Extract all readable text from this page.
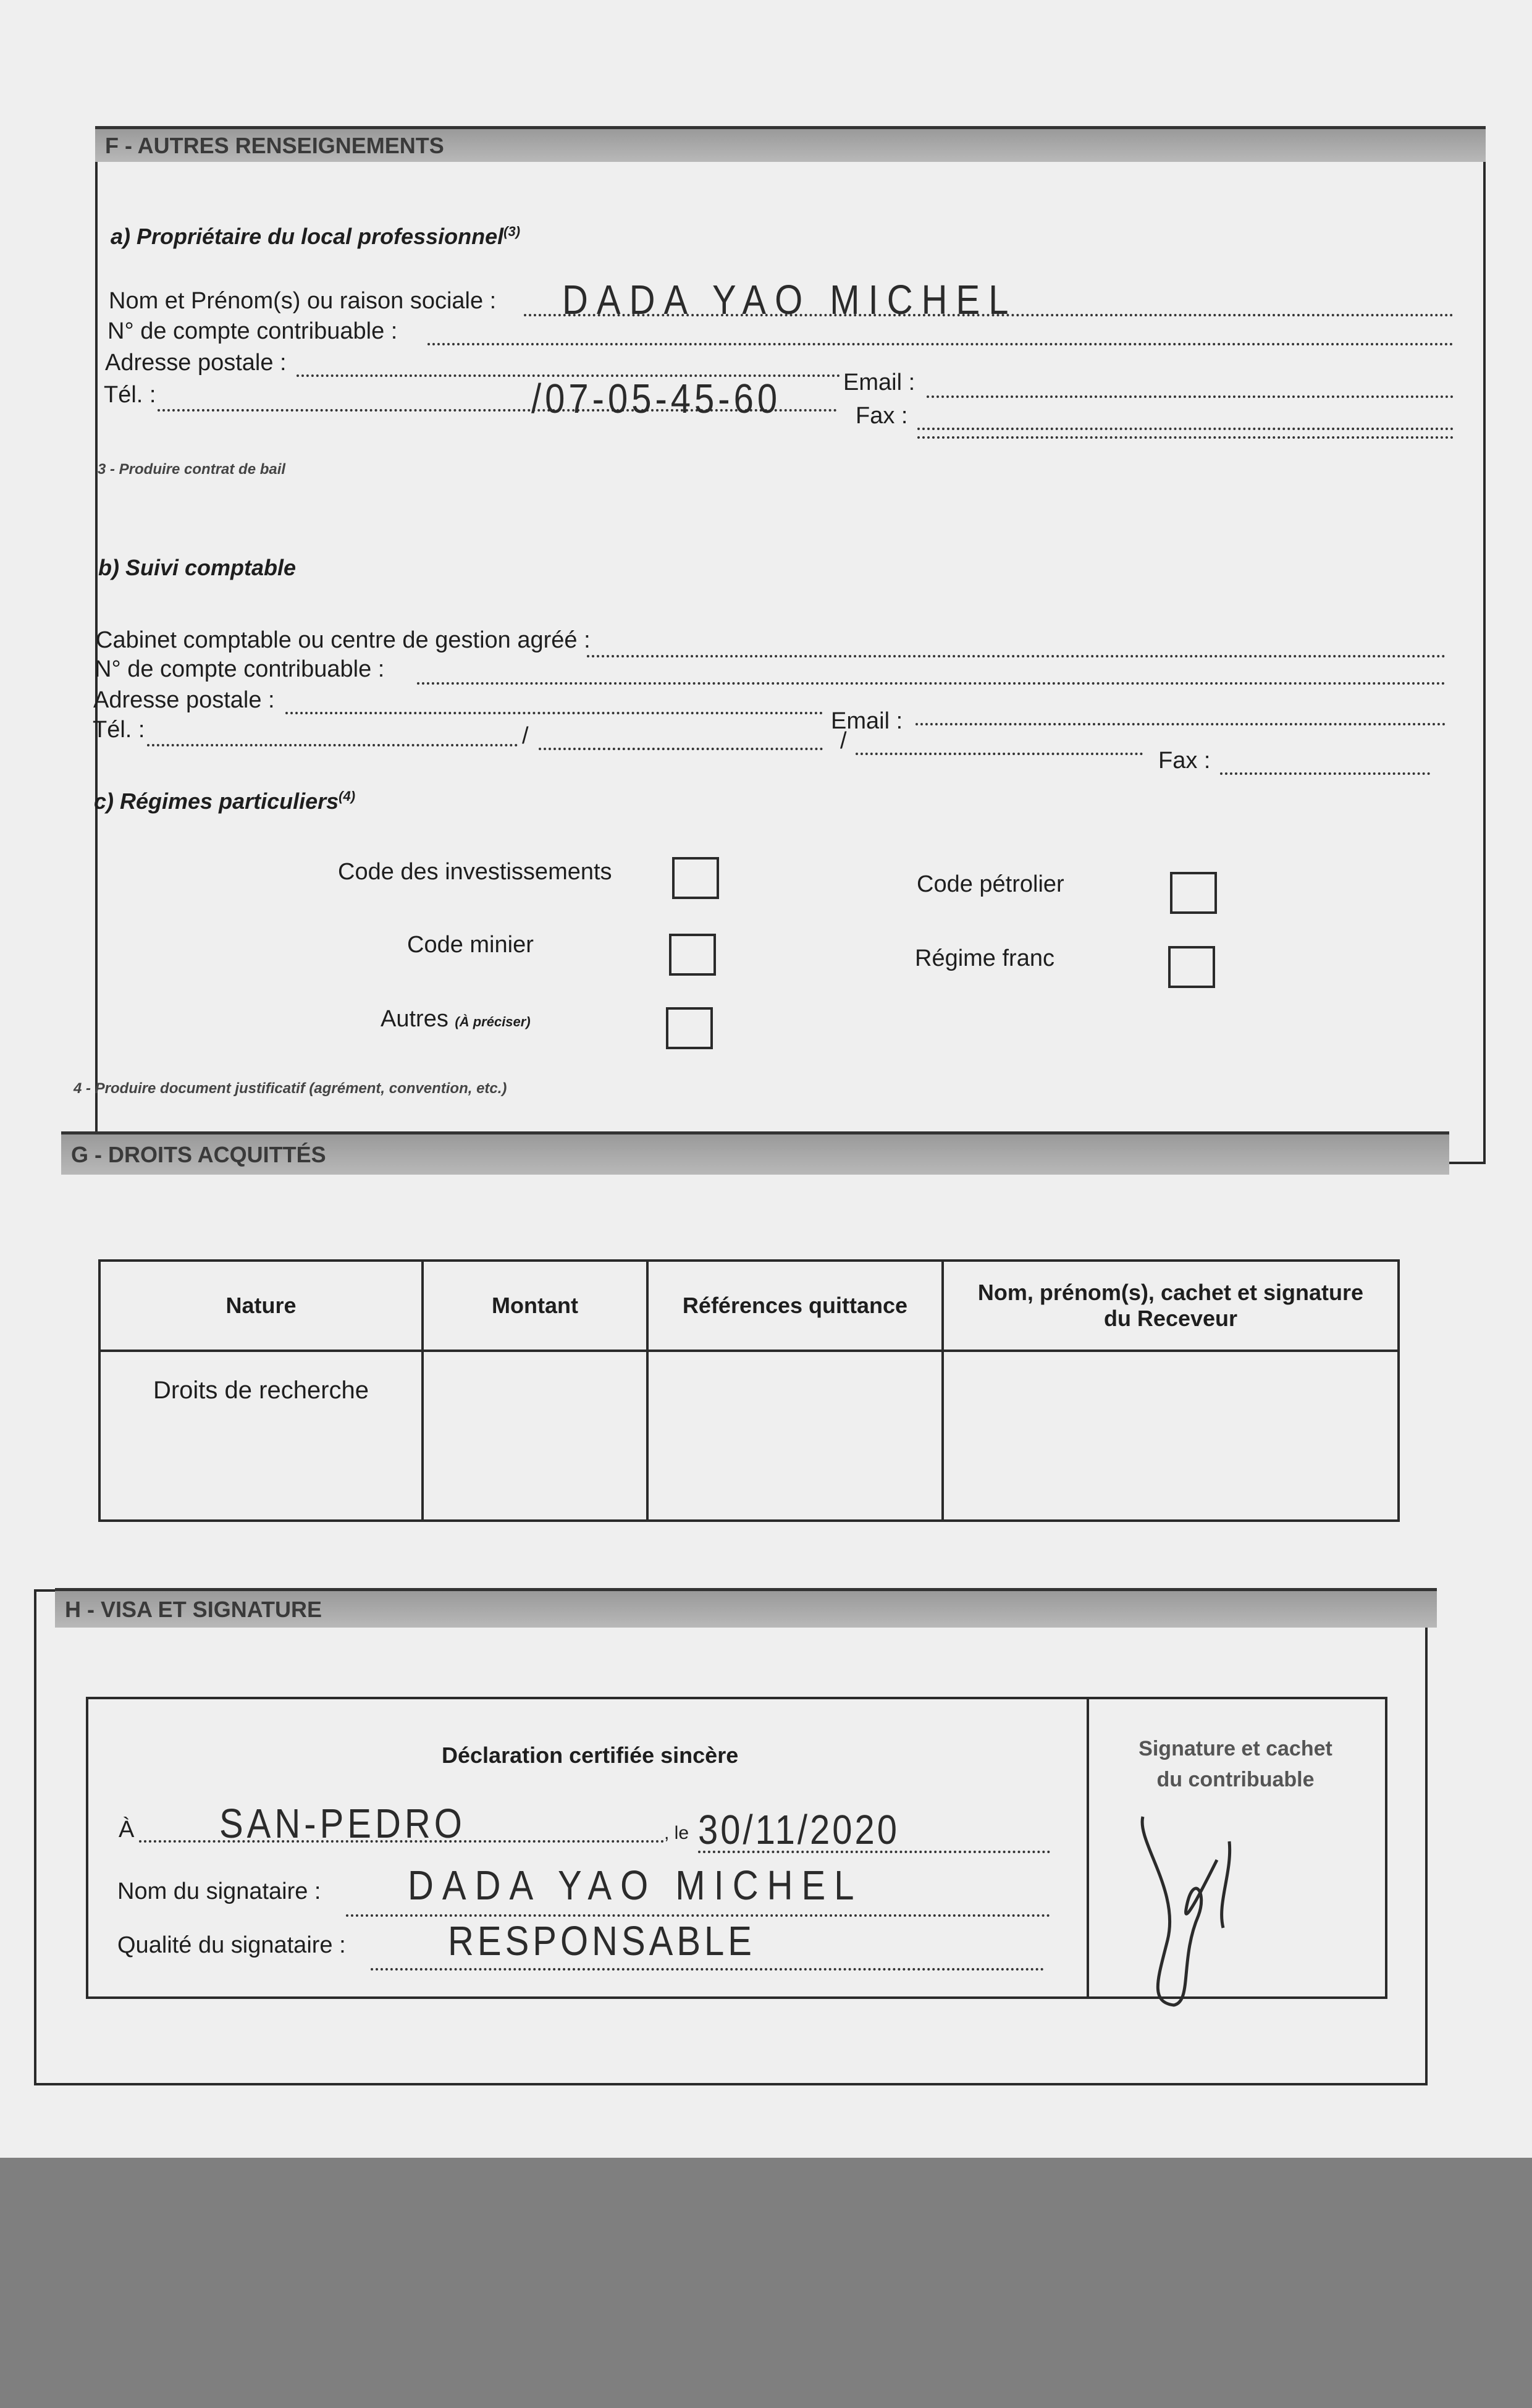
F - AUTRES RENSEIGNEMENTS
a) Propriétaire du local professionnel$^{(3)}$
Nom et Prénom(s) ou raison sociale : DADA YAO MICHEL
N° de compte contribuable :
Adresse postale :
Email :
Tél. :	/07-05-45-60	Fax :
3 - Produire contrat de bail
b) Suivi comptable
Cabinet comptable ou centre de gestion agréé :
N° de compte contribuable :
Adresse postale :
Email :
Tél. :	/	/
Fax :
c) Régimes particuliers$^{(4)}$
Code des investissements	Code pétrolier
Code minier
Régime franc
Autres (À préciser)
4 - Produire document justificatif (agrément, convention, etc.)
G - DROITS ACQUITTÉS
Nature	Montant	Références quittance	Nom, prénom(s), cachet et signature du Receveur
Droits de recherche			
H - VISA ET SIGNATURE
Déclaration certifiée sincère
À SAN-PEDRO	, le 30/11/2020
Nom du signataire : DADA YAO MICHEL
Qualité du signataire :	RESPONSABLE
Signature et cachet du contribuable
